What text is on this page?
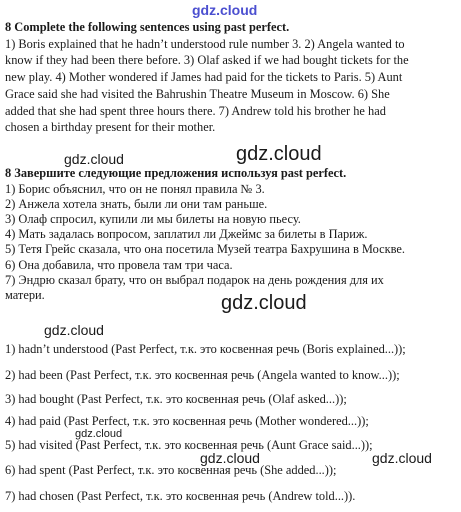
gdz.cloud
8 Complete the following sentences using past perfect.
1) Boris explained that he hadn’t understood rule number 3. 2) Angela wanted to
know if they had been there before. 3) Olaf asked if we had bought tickets for the
new play. 4) Mother wondered if James had paid for the tickets to Paris. 5) Aunt
Grace said she had visited the Bahrushin Theatre Museum in Moscow. 6) She
added that she had spent three hours there. 7) Andrew told his brother he had
chosen a birthday present for their mother.
gdz.cloud
gdz.cloud
8 Завершите следующие предложения используя past perfect.
1) Борис объяснил, что он не понял правила № 3.
2) Анжела хотела знать, были ли они там раньше.
3) Олаф спросил, купили ли мы билеты на новую пьесу.
4) Мать задалась вопросом, заплатил ли Джеймс за билеты в Париж.
5) Тетя Грейс сказала, что она посетила Музей театра Бахрушина в Москве.
6) Она добавила, что провела там три часа.
7) Эндрю сказал брату, что он выбрал подарок на день рождения для их
матери.	gdz.cloud
gdz.cloud
1) hadn’t understood (Past Perfect, т.к. это косвенная речь (Boris explained...));
2) had been (Past Perfect, т.к. это косвенная речь (Angela wanted to know...));
3) had bought (Past Perfect, т.к. это косвенная речь (Olaf asked...));
4) had paid (Past Perfect, т.к. это косвенная речь (Mother wondered...));
gdz.cloud
5) had visited (Past Perfect, т.к. это косвенная речь (Aunt Grace said...));
gdz.cloud	gdz.cloud
6) had spent (Past Perfect, т.к. это косвенная речь (She added...));
7) had chosen (Past Perfect, т.к. это косвенная речь (Andrew told...)).
